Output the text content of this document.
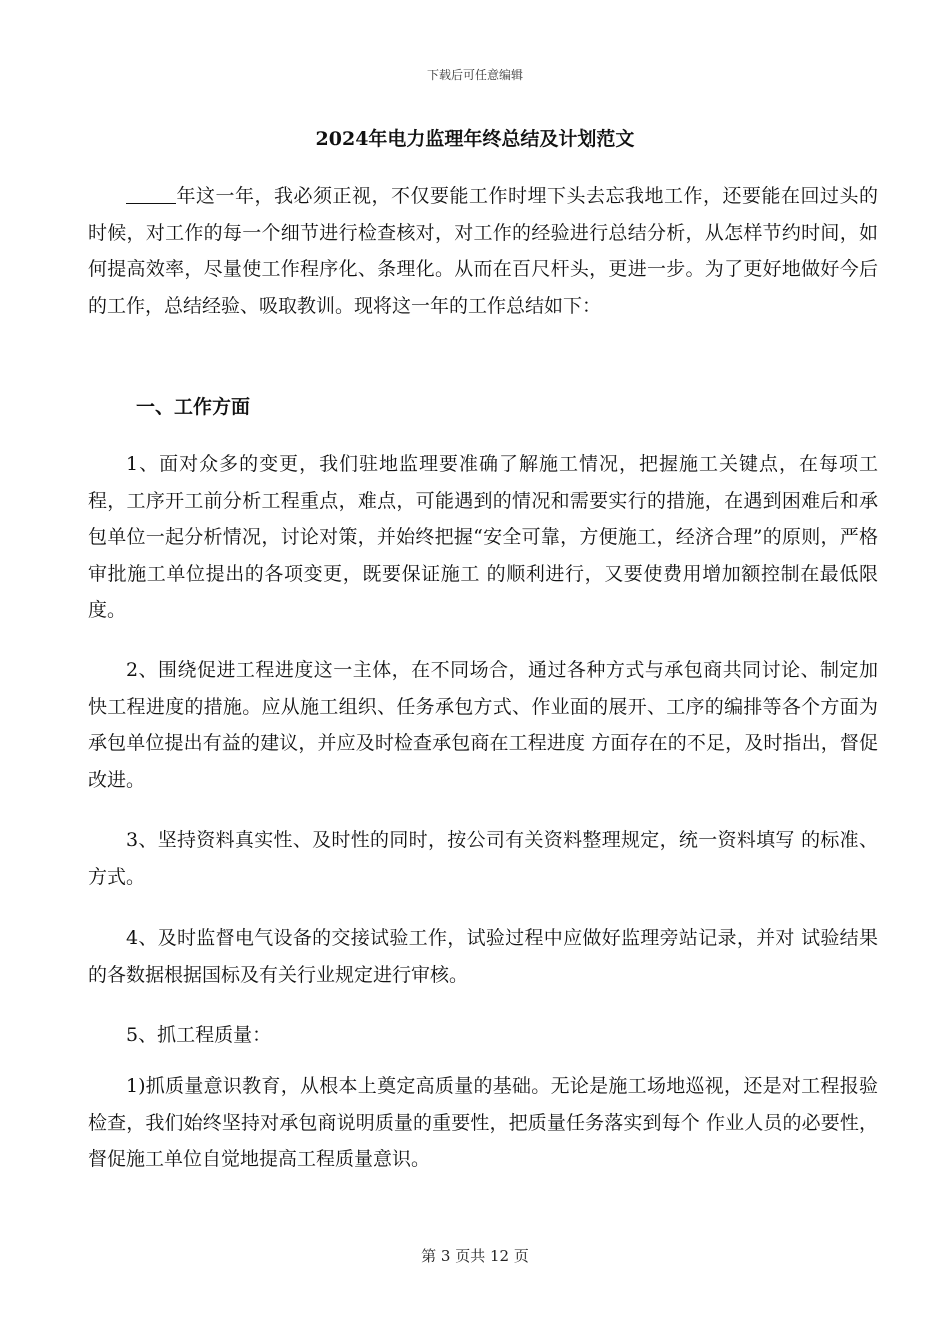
下载后可任意编辑
2024年电力监理年终总结及计划范文

年这一年，我必须正视，不仅要能工作时埋下头去忘我地工作，还要能在回过头的时候，对工作的每一个细节进行检查核对，对工作的经验进行总结分析，从怎样节约时间，如何提高效率，尽量使工作程序化、条理化。从而在百尺杆头，更进一步。为了更好地做好今后的工作，总结经验、吸取教训。现将这一年的工作总结如下：

一、工作方面

1、面对众多的变更，我们驻地监理要准确了解施工情况，把握施工关键点，在每项工程，工序开工前分析工程重点，难点，可能遇到的情况和需要实行的措施，在遇到困难后和承包单位一起分析情况，讨论对策，并始终把握“安全可靠，方便施工，经济合理”的原则，严格审批施工单位提出的各项变更，既要保证施工 的顺利进行，又要使费用增加额控制在最低限度。

2、围绕促进工程进度这一主体，在不同场合，通过各种方式与承包商共同讨论、制定加快工程进度的措施。应从施工组织、任务承包方式、作业面的展开、工序的编排等各个方面为承包单位提出有益的建议，并应及时检查承包商在工程进度 方面存在的不足，及时指出，督促改进。

3、坚持资料真实性、及时性的同时，按公司有关资料整理规定，统一资料填写 的标准、方式。

4、及时监督电气设备的交接试验工作，试验过程中应做好监理旁站记录，并对 试验结果的各数据根据国标及有关行业规定进行审核。

5、抓工程质量：

1)抓质量意识教育，从根本上奠定高质量的基础。无论是施工场地巡视，还是对工程报验检查，我们始终坚持对承包商说明质量的重要性，把质量任务落实到每个 作业人员的必要性，督促施工单位自觉地提高工程质量意识。

第 3 页共 12 页
